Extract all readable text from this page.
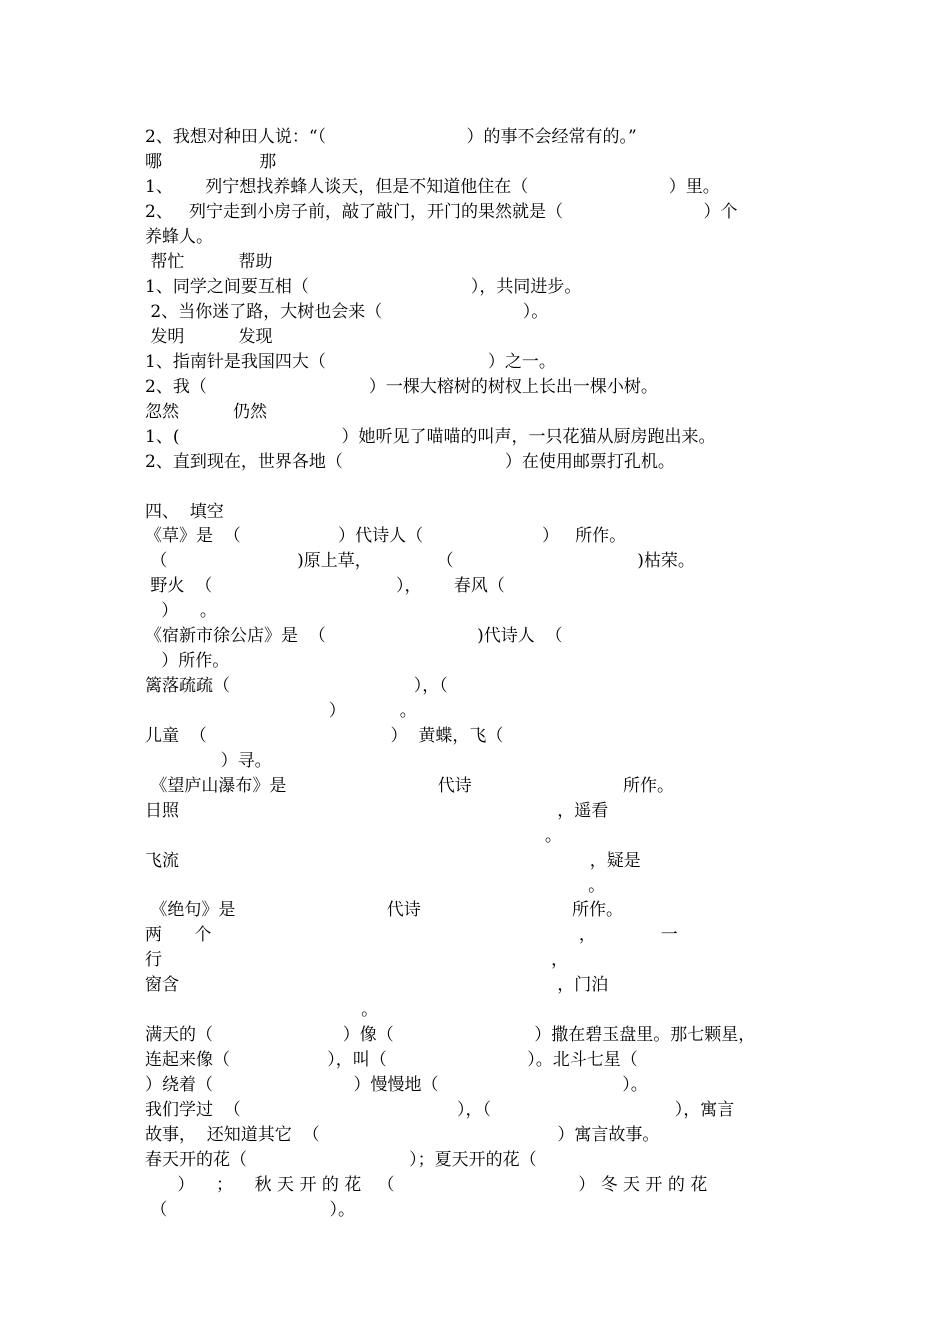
2、我想对种田人说：“（                          ）的事不会经常有的。”
哪                  那
1、      列宁想找养蜂人谈天，但是不知道他住在（                          ）里。
2、   列宁走到小房子前，敲了敲门，开门的果然就是（                          ）个
养蜂人。
帮忙          帮助
1、同学之间要互相（                              ），共同进步。
2、当你迷了路，大树也会来（                          ）。
发明          发现
1、指南针是我国四大（                              ）之一。
2、我（                              ）一棵大榕树的树杈上长出一棵小树。
忽然          仍然
1、(                              ）她听见了喵喵的叫声，一只花猫从厨房跑出来。
2、直到现在，世界各地（                              ）在使用邮票打孔机。
四、  填空
《草》是  （                  ）代诗人（                      ）   所作。
（                        )原上草，            （                                  )枯荣。
野火  （                                  ），      春风（
）    。
《宿新市徐公店》是  （                            )代诗人  （
）所作。
篱落疏疏（                                  ），（
）          。
儿童  （                                  ）  黄蝶，飞（
）寻。
《望庐山瀑布》是                            代诗                            所作。
日照                                                                      ，遥看
。
飞流                                                                            ，疑是
。
《绝句》是                            代诗                            所作。
两      个                                                                    ，            一
行                                                                        ，
窗含                                                                      ，门泊
。
满天的（                        ）像（                          ）撒在碧玉盘里。那七颗星，
连起来像（                  ），叫（                          ）。北斗七星（
）绕着（                          ）慢慢地（                                  ）。
我们学过  （                                        ），（                                  ），寓言
故事，  还知道其它  （                                            ）寓言故事。
春天开的花（                              ）；夏天开的花（
）    ；    秋 天 开 的 花   （                                  ） 冬 天 开 的 花
（                              ）。
